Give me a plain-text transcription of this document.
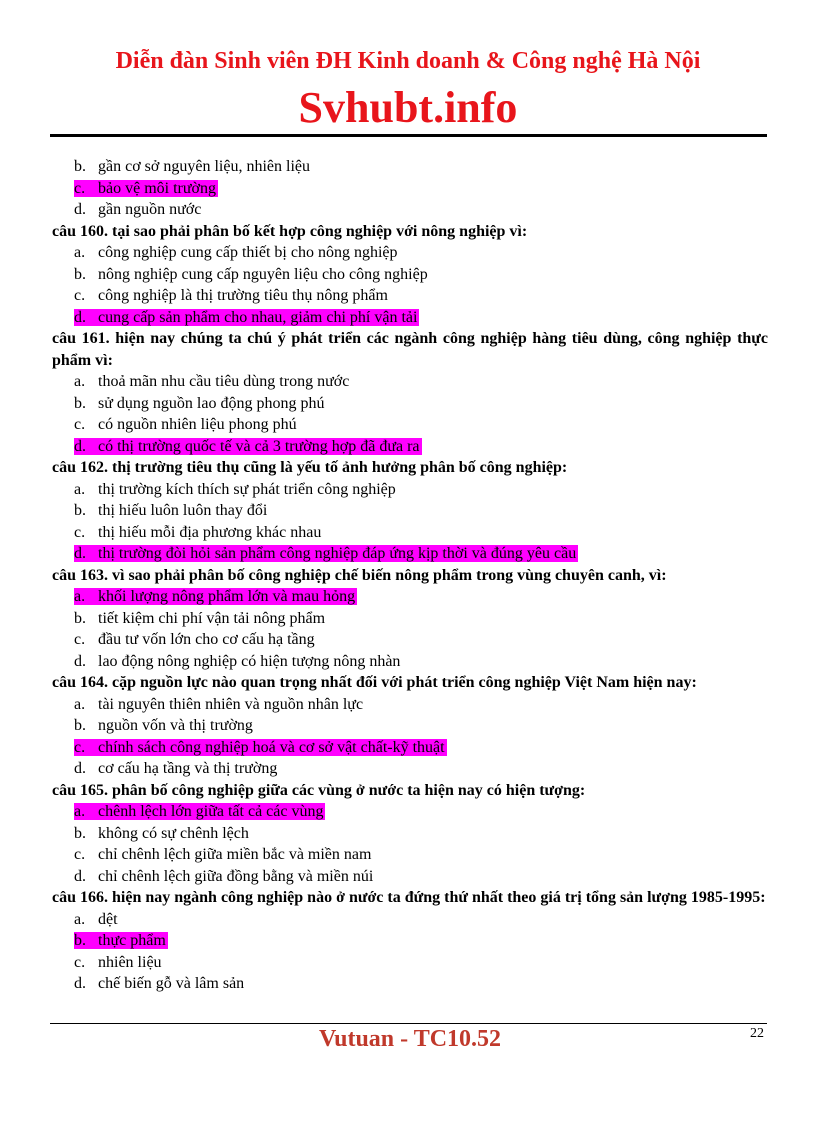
Diễn đàn Sinh viên ĐH Kinh doanh & Công nghệ Hà Nội
Svhubt.info
b. gần cơ sở nguyên liệu, nhiên liệu
c. bảo vệ môi trường
d. gần nguồn nước
câu 160. tại sao phải phân bố kết hợp công nghiệp với nông nghiệp vì:
a. công nghiệp cung cấp thiết bị cho nông nghiệp
b. nông nghiệp cung cấp nguyên liệu cho công nghiệp
c. công nghiệp là thị trường tiêu thụ nông phẩm
d. cung cấp sản phẩm cho nhau, giảm chi phí vận tải
câu 161. hiện nay chúng ta chú ý phát triển các ngành công nghiệp hàng tiêu dùng, công nghiệp thực phẩm vì:
a. thoả mãn nhu cầu tiêu dùng trong nước
b. sử dụng nguồn lao động phong phú
c. có nguồn nhiên liệu phong phú
d. có thị trường quốc tế và cả 3 trường hợp đã đưa ra
câu 162. thị trường tiêu thụ cũng là yếu tố ảnh hưởng phân bố công nghiệp:
a. thị trường kích thích sự phát triển công nghiệp
b. thị hiếu luôn luôn thay đổi
c. thị hiếu mỗi địa phương khác nhau
d. thị trường đòi hỏi sản phẩm công nghiệp đáp ứng kịp thời và đúng yêu cầu
câu 163. vì sao phải phân bố công nghiệp chế biến nông phẩm trong vùng chuyên canh, vì:
a. khối lượng nông phẩm lớn và mau hỏng
b. tiết kiệm chi phí vận tải nông phẩm
c. đầu tư vốn lớn cho cơ cấu hạ tầng
d. lao động nông nghiệp có hiện tượng nông nhàn
câu 164. cặp nguồn lực nào quan trọng nhất đối với phát triển công nghiệp Việt Nam hiện nay:
a. tài nguyên thiên nhiên và nguồn nhân lực
b. nguồn vốn và thị trường
c. chính sách công nghiệp hoá và cơ sở vật chất-kỹ thuật
d. cơ cấu hạ tầng và thị trường
câu 165. phân bố công nghiệp giữa các vùng ở nước ta hiện nay có hiện tượng:
a. chênh lệch lớn giữa tất cả các vùng
b. không có sự chênh lệch
c. chỉ chênh lệch giữa miền bắc và miền nam
d. chỉ chênh lệch giữa đồng bằng và miền núi
câu 166. hiện nay ngành công nghiệp nào ở nước ta đứng thứ nhất theo giá trị tổng sản lượng 1985-1995:
a. dệt
b. thực phẩm
c. nhiên liệu
d. chế biến gỗ và lâm sản
Vutuan - TC10.52	22
